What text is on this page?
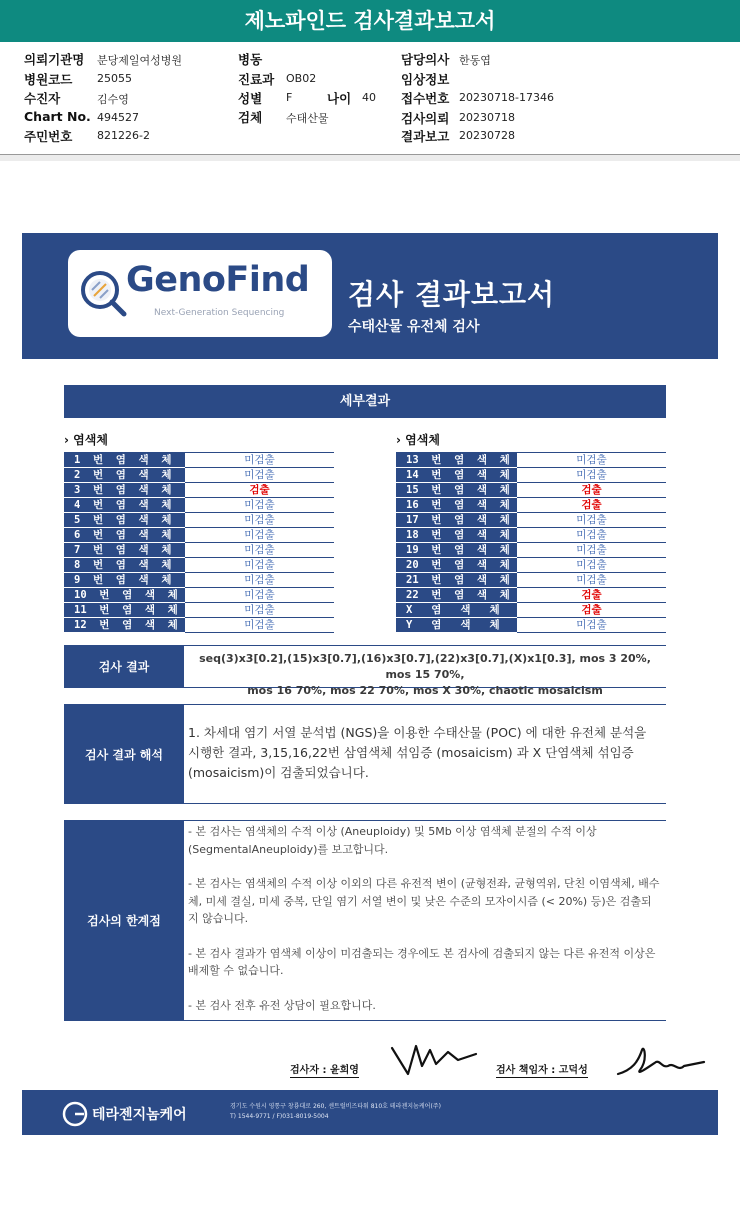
제노파인드 검사결과보고서
의뢰기관명 분당제일여성병원
병원코드 25055
수진자	김수영
Chart No. 494527
주민번호 821226-2
병동
진료과 OB02
성별 F	나이 40
검체 수태산물
담당의사 한동엽
임상정보
접수번호 20230718-17346
검사의뢰 20230718
결과보고 20230728
GenoFind
Next-Generation Sequencing
검사 결과보고서
수태산물 유전체 검사
세부결과
› 염색체	› 염색체
1  번  염  색  체	미검출
2  번  염  색  체	미검출
3  번  염  색  체	검출
4  번  염  색  체	미검출
5  번  염  색  체	미검출
6  번  염  색  체	미검출
7  번  염  색  체	미검출
8  번  염  색  체	미검출
9  번  염  색  체	미검출
10  번  염  색  체	미검출
11  번  염  색  체	미검출
12  번  염  색  체	미검출
13  번  염  색  체	미검출
14  번  염  색  체	미검출
15  번  염  색  체	검출
16  번  염  색  체	검출
17  번  염  색  체	미검출
18  번  염  색  체	미검출
19  번  염  색  체	미검출
20  번  염  색  체	미검출
21  번  염  색  체	미검출
22  번  염  색  체	검출
X   염   색   체	검출
Y   염   색   체	미검출
검사 결과
seq(3)x3[0.2],(15)x3[0.7],(16)x3[0.7],(22)x3[0.7],(X)x1[0.3], mos 3 20%, mos 15 70%,
mos 16 70%, mos 22 70%, mos X 30%, chaotic mosaicism
검사 결과 해석
1. 차세대 염기 서열 분석법 (NGS)을 이용한 수태산물 (POC) 에 대한 유전체 분석을 시행한 결과, 3,15,16,22번 삼염색체 섞임증 (mosaicism) 과 X 단염색체 섞임증 (mosaicism)이 검출되었습니다.
검사의 한계점

- 본 검사는 염색체의 수적 이상 (Aneuploidy) 및 5Mb 이상 염색체 분절의 수적 이상 (SegmentalAneuploidy)를 보고합니다.

- 본 검사는 염색체의 수적 이상 이외의 다른 유전적 변이 (균형전좌, 균형역위, 단친 이염색체, 배수체, 미세 결실, 미세 중복, 단일 염기 서열 변이 및 낮은 수준의 모자이시즘 (< 20%) 등)은 검출되지 않습니다.

- 본 검사 결과가 염색체 이상이 미검출되는 경우에도 본 검사에 검출되지 않는 다른 유전적 이상은 배제할 수 없습니다.

- 본 검사 전후 유전 상담이 필요합니다.

검사자 : 윤희영	검사 책임자 : 고덕성
테라젠지놈케어
경기도 수원시 영통구 창룡대로 260, 센트럴비즈타워 810호 테라젠지놈케어(주)
T) 1544-9771 / F)031-8019-5004
